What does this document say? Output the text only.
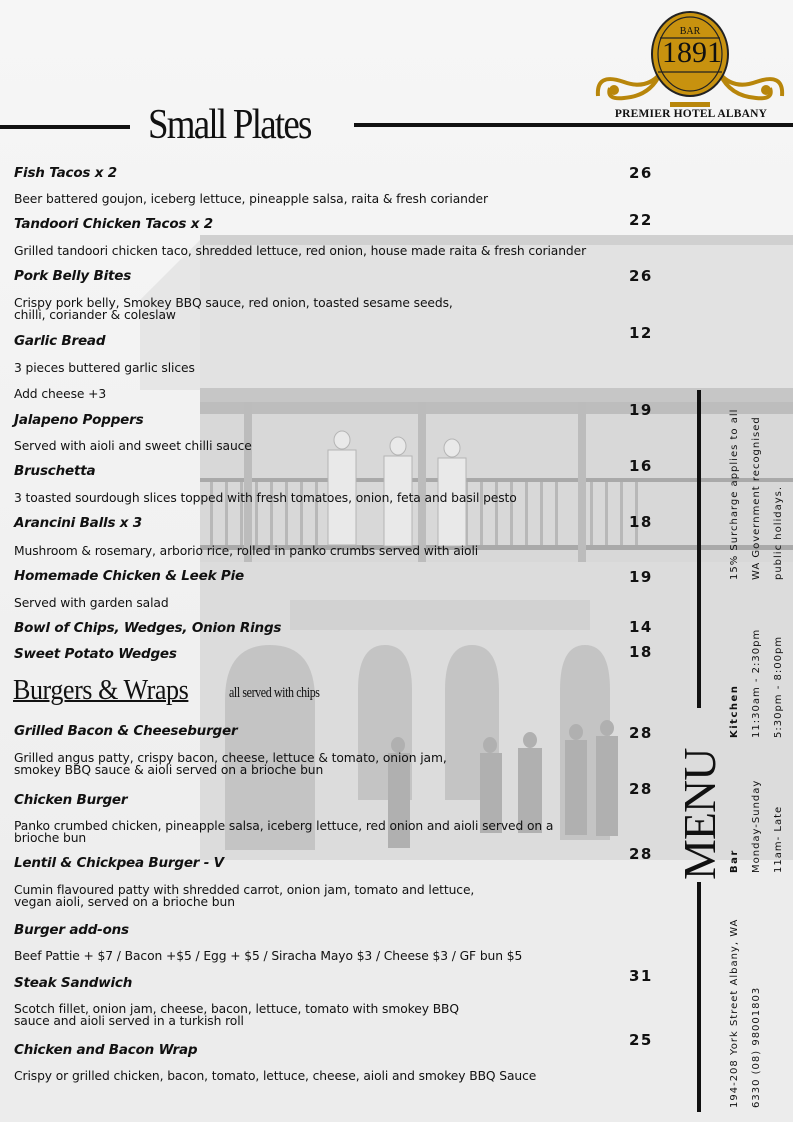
BAR
1891
PREMIER HOTEL ALBANY
Small Plates
Fish Tacos x 2
Beer battered goujon, iceberg lettuce, pineapple salsa, raita & fresh coriander
26
Tandoori Chicken Tacos x 2
Grilled tandoori chicken taco, shredded lettuce, red onion, house made raita & fresh coriander
22
Pork Belly Bites
Crispy pork belly, Smokey BBQ sauce, red onion, toasted sesame seeds, chilli, coriander & coleslaw
26
Garlic Bread
3 pieces buttered garlic slices
Add cheese +3
12
Jalapeno Poppers
Served with aioli and sweet chilli sauce
19
Bruschetta
3 toasted sourdough slices topped with fresh tomatoes, onion, feta and basil pesto
16
Arancini Balls x 3
Mushroom & rosemary, arborio rice, rolled in panko crumbs served with aioli
18
Homemade Chicken & Leek Pie
Served with garden salad
19
Bowl of Chips, Wedges, Onion Rings	14
Sweet Potato Wedges	18
Burgers & Wraps	all served with chips
Grilled Bacon & Cheeseburger
Grilled angus patty, crispy bacon, cheese, lettuce & tomato, onion jam, smokey BBQ sauce & aioli served on a brioche bun
28
Chicken Burger
Panko crumbed chicken, pineapple salsa, iceberg lettuce, red onion and aioli served on a brioche bun
28
Lentil & Chickpea Burger - V
Cumin flavoured patty with shredded carrot, onion jam, tomato and lettuce, vegan aioli, served on a brioche bun
28
Burger add-ons
Beef Pattie + $7 / Bacon +$5 / Egg + $5 / Siracha Mayo $3 / Cheese $3 / GF bun $5
Steak Sandwich
Scotch fillet, onion jam, cheese, bacon, lettuce, tomato with smokey BBQ sauce and aioli served in a turkish roll
31
Chicken and Bacon Wrap
Crispy or grilled chicken, bacon, tomato, lettuce, cheese, aioli and smokey BBQ Sauce
25
MENU
15% Surcharge applies to all WA Government recognised public holidays.
Kitchen 11:30am - 2:30pm 5:30pm - 8:00pm
Bar Monday-Sunday 11am- Late
194-208 York Street Albany, WA 6330 (08) 98001803
